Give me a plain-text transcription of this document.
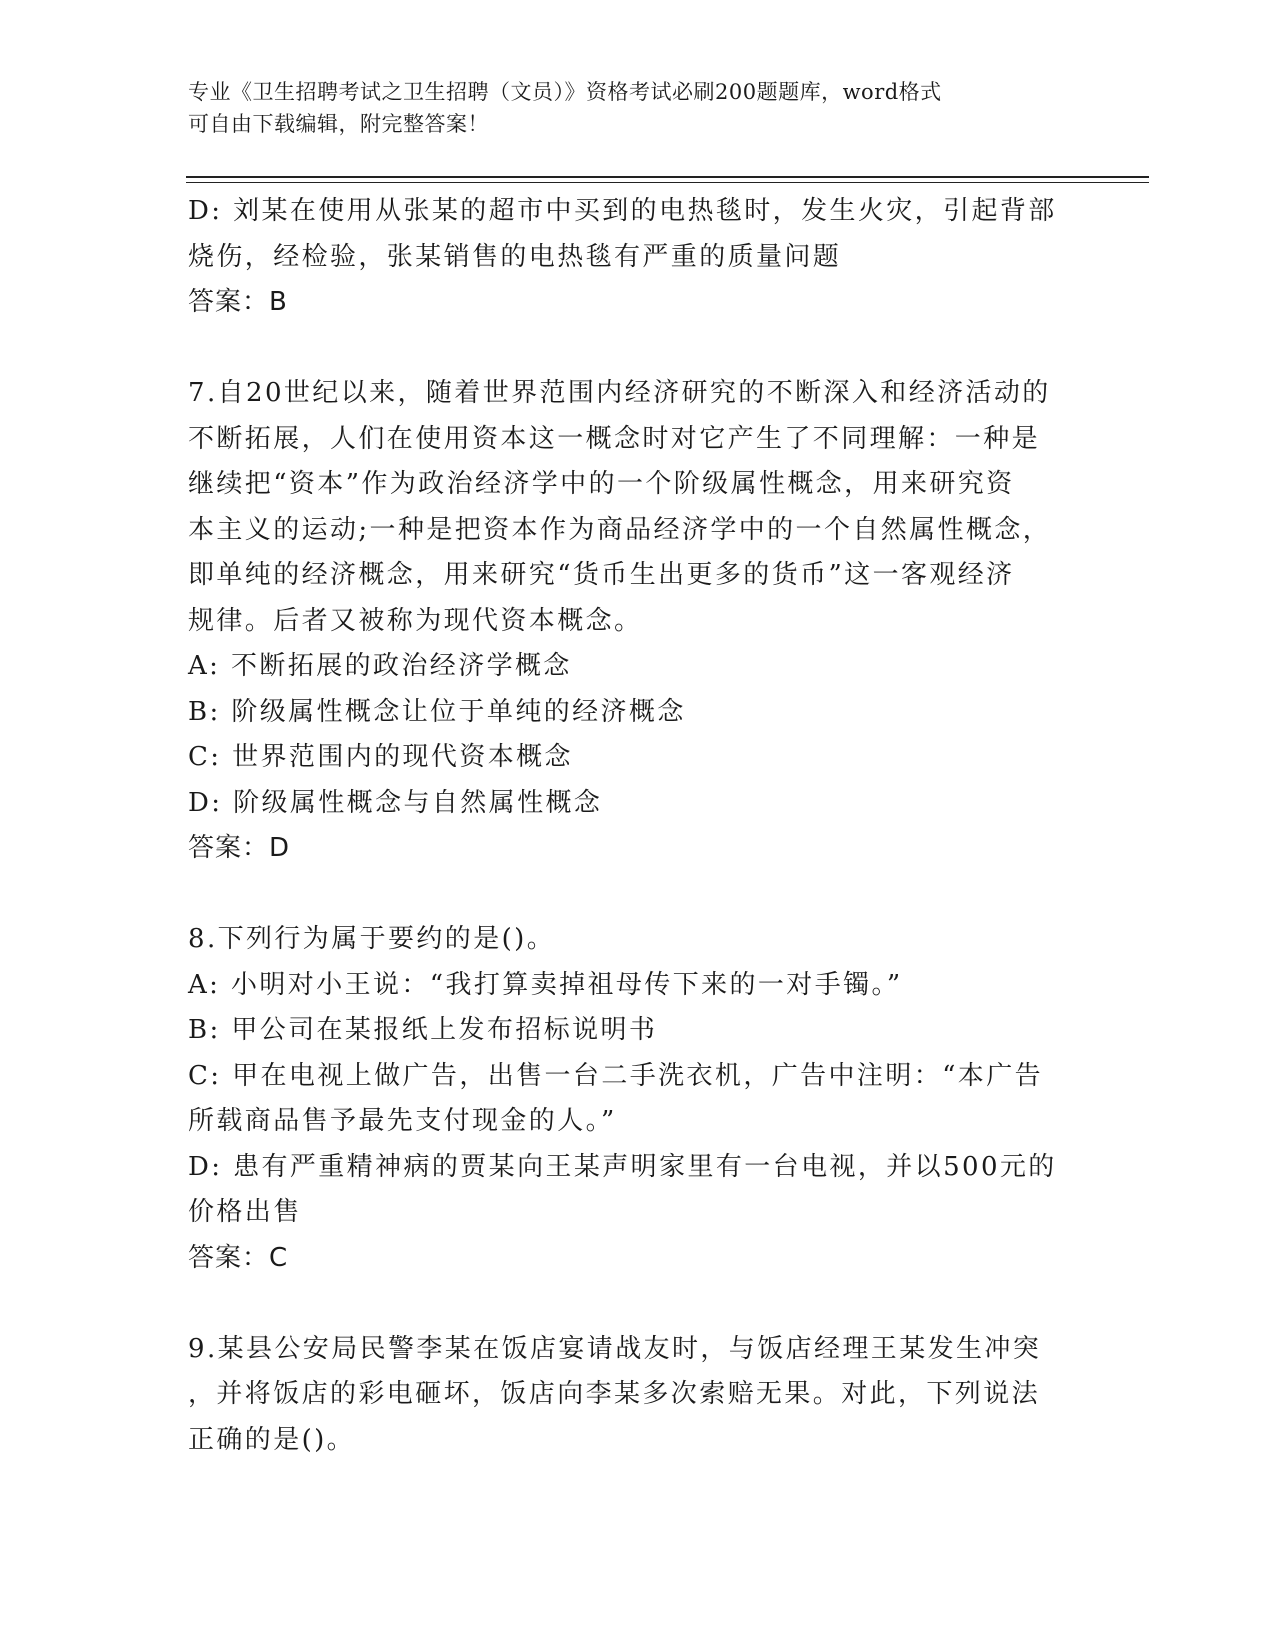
专业《卫生招聘考试之卫生招聘（文员）》资格考试必刷200题题库，word格式
可自由下载编辑，附完整答案！

D: 刘某在使用从张某的超市中买到的电热毯时，发生火灾，引起背部

烧伤，经检验，张某销售的电热毯有严重的质量问题

答案：B

7.自20世纪以来，随着世界范围内经济研究的不断深入和经济活动的

不断拓展，人们在使用资本这一概念时对它产生了不同理解：一种是

继续把“资本”作为政治经济学中的一个阶级属性概念，用来研究资

本主义的运动;一种是把资本作为商品经济学中的一个自然属性概念，

即单纯的经济概念，用来研究“货币生出更多的货币”这一客观经济

规律。后者又被称为现代资本概念。

A: 不断拓展的政治经济学概念

B: 阶级属性概念让位于单纯的经济概念

C: 世界范围内的现代资本概念

D: 阶级属性概念与自然属性概念

答案：D

8.下列行为属于要约的是()。

A: 小明对小王说：“我打算卖掉祖母传下来的一对手镯。”

B: 甲公司在某报纸上发布招标说明书

C: 甲在电视上做广告，出售一台二手洗衣机，广告中注明：“本广告

所载商品售予最先支付现金的人。”

D: 患有严重精神病的贾某向王某声明家里有一台电视，并以500元的

价格出售

答案：C

9.某县公安局民警李某在饭店宴请战友时，与饭店经理王某发生冲突

，并将饭店的彩电砸坏，饭店向李某多次索赔无果。对此，下列说法

正确的是()。
